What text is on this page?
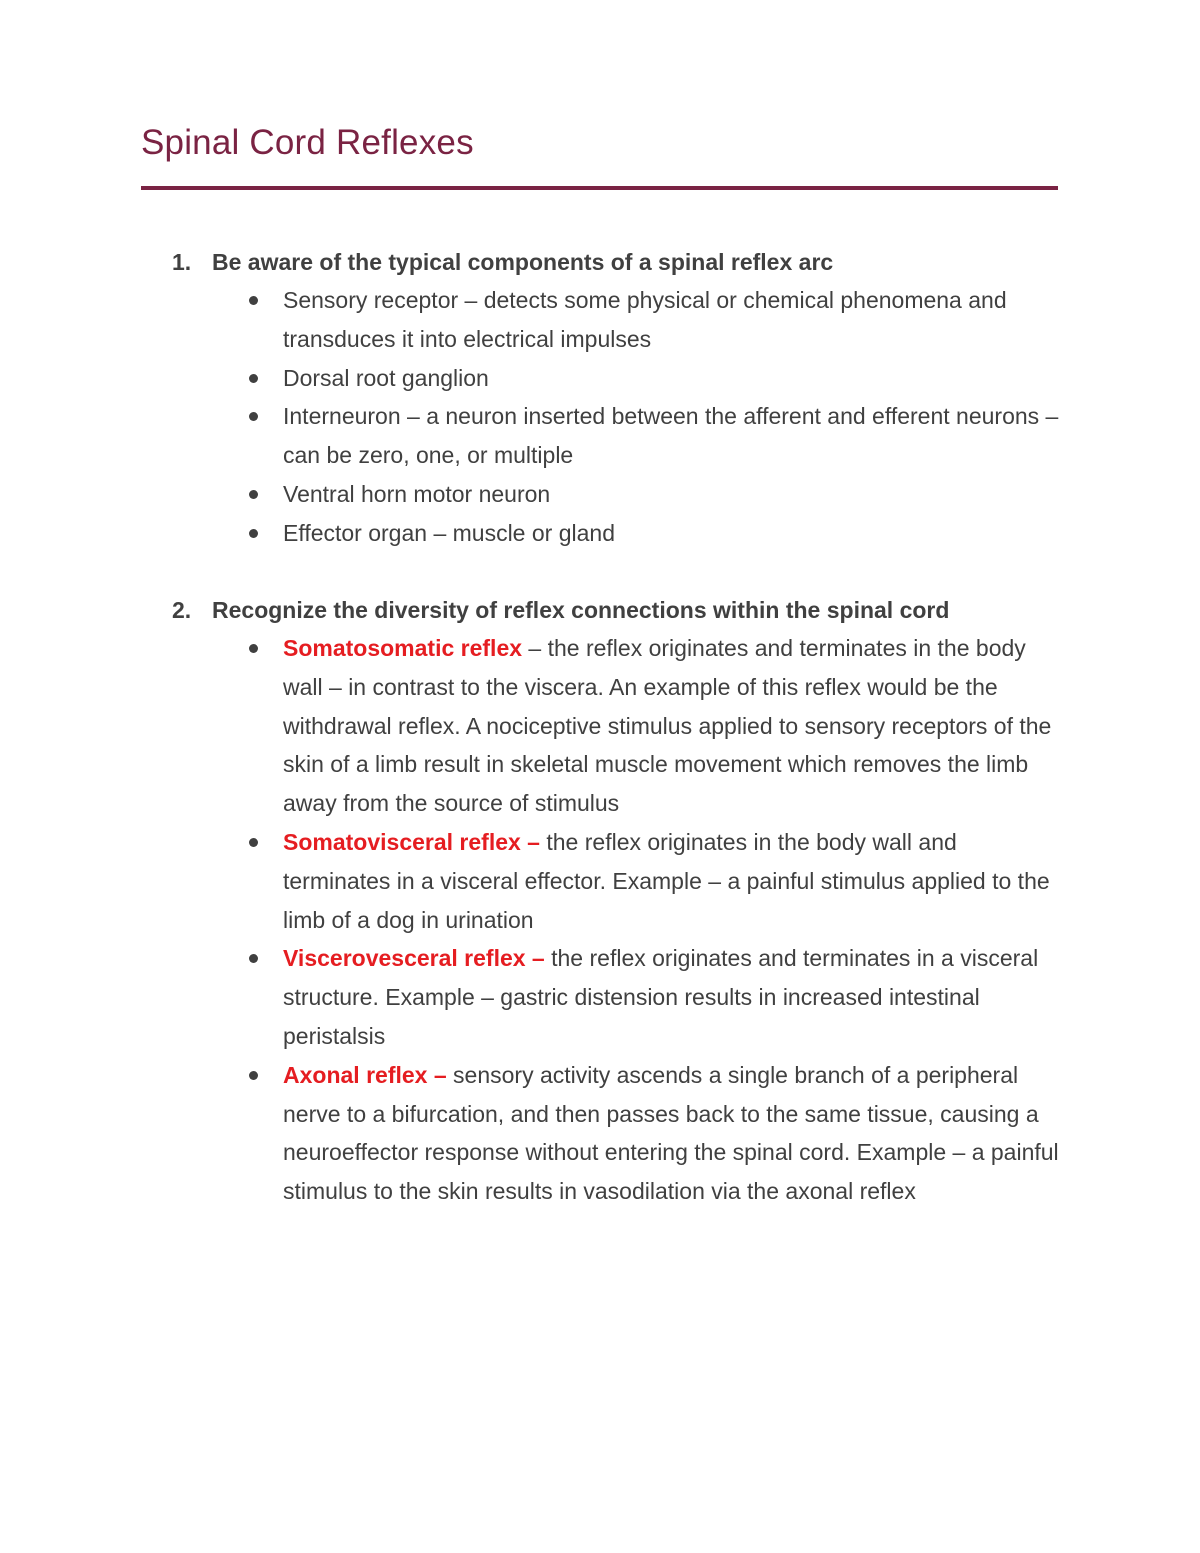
Spinal Cord Reflexes
1. Be aware of the typical components of a spinal reflex arc
Sensory receptor – detects some physical or chemical phenomena and transduces it into electrical impulses
Dorsal root ganglion
Interneuron – a neuron inserted between the afferent and efferent neurons – can be zero, one, or multiple
Ventral horn motor neuron
Effector organ – muscle or gland
2. Recognize the diversity of reflex connections within the spinal cord
Somatosomatic reflex – the reflex originates and terminates in the body wall – in contrast to the viscera. An example of this reflex would be the withdrawal reflex. A nociceptive stimulus applied to sensory receptors of the skin of a limb result in skeletal muscle movement which removes the limb away from the source of stimulus
Somatovisceral reflex – the reflex originates in the body wall and terminates in a visceral effector. Example – a painful stimulus applied to the limb of a dog in urination
Viscerovesceral reflex – the reflex originates and terminates in a visceral structure. Example – gastric distension results in increased intestinal peristalsis
Axonal reflex – sensory activity ascends a single branch of a peripheral nerve to a bifurcation, and then passes back to the same tissue, causing a neuroeffector response without entering the spinal cord. Example – a painful stimulus to the skin results in vasodilation via the axonal reflex
